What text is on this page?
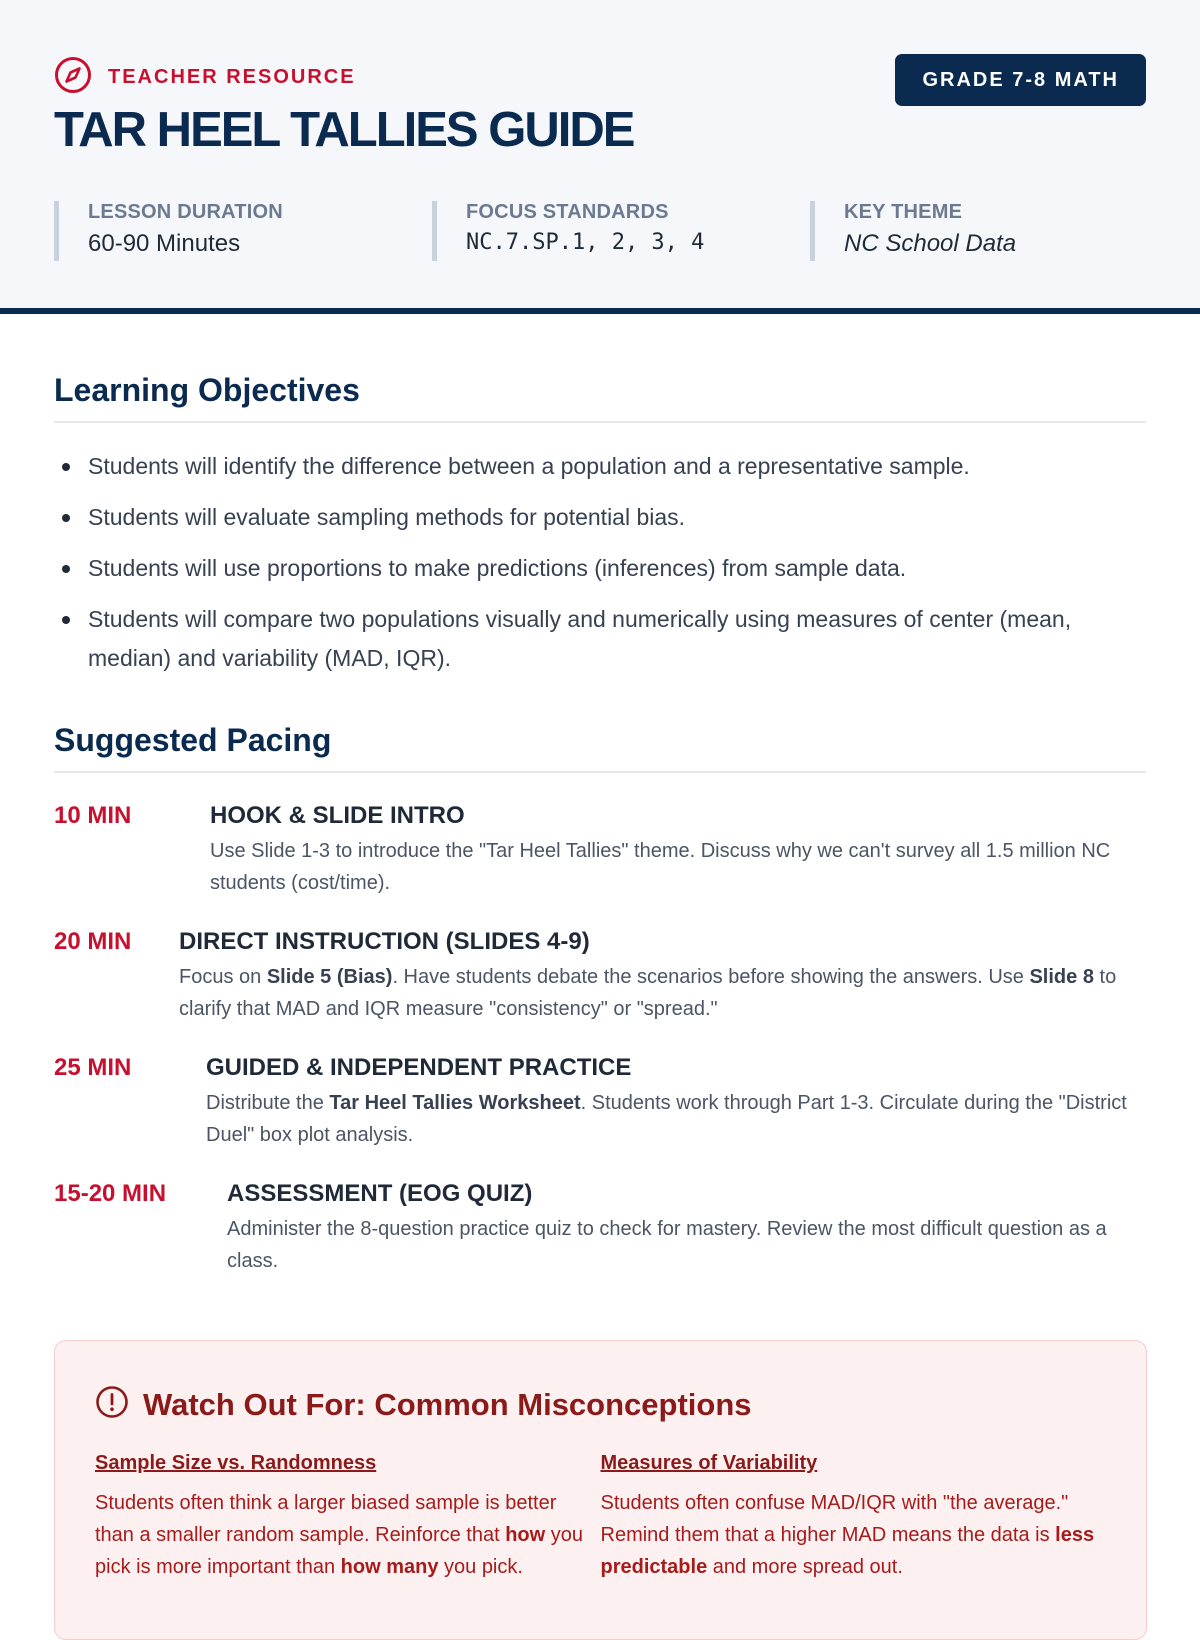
TEACHER RESOURCE	GRADE 7-8 MATH
TAR HEEL TALLIES GUIDE
LESSON DURATION
60-90 Minutes
FOCUS STANDARDS
NC.7.SP.1, 2, 3, 4
KEY THEME
NC School Data
Learning Objectives
Students will identify the difference between a population and a representative sample.
Students will evaluate sampling methods for potential bias.
Students will use proportions to make predictions (inferences) from sample data.
Students will compare two populations visually and numerically using measures of center (mean, median) and variability (MAD, IQR).
Suggested Pacing
10 MIN	HOOK & SLIDE INTRO
Use Slide 1-3 to introduce the "Tar Heel Tallies" theme. Discuss why we can't survey all 1.5 million NC students (cost/time).
20 MIN	DIRECT INSTRUCTION (SLIDES 4-9)
Focus on Slide 5 (Bias). Have students debate the scenarios before showing the answers. Use Slide 8 to clarify that MAD and IQR measure "consistency" or "spread."
25 MIN	GUIDED & INDEPENDENT PRACTICE
Distribute the Tar Heel Tallies Worksheet. Students work through Part 1-3. Circulate during the "District Duel" box plot analysis.
15-20 MIN	ASSESSMENT (EOG QUIZ)
Administer the 8-question practice quiz to check for mastery. Review the most difficult question as a class.
Watch Out For: Common Misconceptions
Sample Size vs. Randomness
Students often think a larger biased sample is better than a smaller random sample. Reinforce that how you pick is more important than how many you pick.
Measures of Variability
Students often confuse MAD/IQR with "the average." Remind them that a higher MAD means the data is less predictable and more spread out.
